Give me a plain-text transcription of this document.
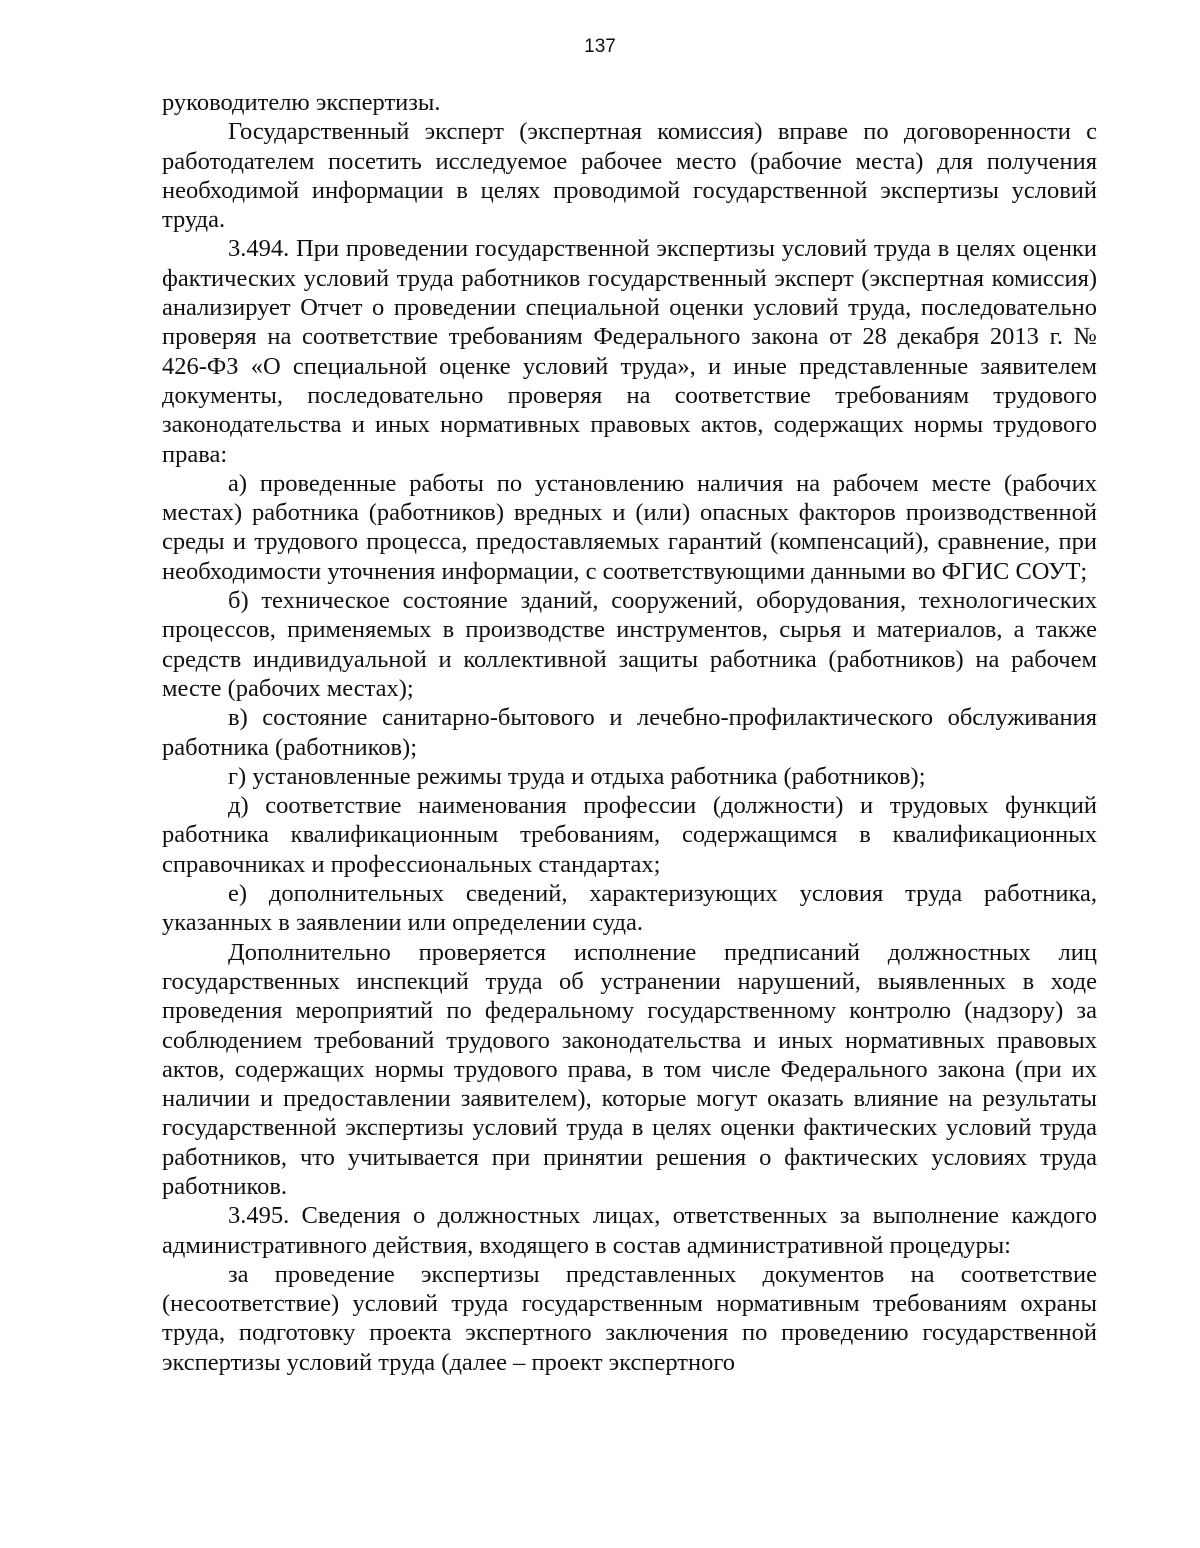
137

руководителю экспертизы.

Государственный эксперт (экспертная комиссия) вправе по договоренности с работодателем посетить исследуемое рабочее место (рабочие места) для получения необходимой информации в целях проводимой государственной экспертизы условий труда.

3.494. При проведении государственной экспертизы условий труда в целях оценки фактических условий труда работников государственный эксперт (экспертная комиссия) анализирует Отчет о проведении специальной оценки условий труда, последовательно проверяя на соответствие требованиям Федерального закона от 28 декабря 2013 г. № 426-ФЗ «О специальной оценке условий труда», и иные представленные заявителем документы, последовательно проверяя на соответствие требованиям трудового законодательства и иных нормативных правовых актов, содержащих нормы трудового права:

а) проведенные работы по установлению наличия на рабочем месте (рабочих местах) работника (работников) вредных и (или) опасных факторов производственной среды и трудового процесса, предоставляемых гарантий (компенсаций), сравнение, при необходимости уточнения информации, с соответствующими данными во ФГИС СОУТ;

б) техническое состояние зданий, сооружений, оборудования, технологических процессов, применяемых в производстве инструментов, сырья и материалов, а также средств индивидуальной и коллективной защиты работника (работников) на рабочем месте (рабочих местах);

в) состояние санитарно-бытового и лечебно-профилактического обслуживания работника (работников);

г) установленные режимы труда и отдыха работника (работников);

д) соответствие наименования профессии (должности) и трудовых функций работника квалификационным требованиям, содержащимся в квалификационных справочниках и профессиональных стандартах;

е) дополнительных сведений, характеризующих условия труда работника, указанных в заявлении или определении суда.

Дополнительно проверяется исполнение предписаний должностных лиц государственных инспекций труда об устранении нарушений, выявленных в ходе проведения мероприятий по федеральному государственному контролю (надзору) за соблюдением требований трудового законодательства и иных нормативных правовых актов, содержащих нормы трудового права, в том числе Федерального закона (при их наличии и предоставлении заявителем), которые могут оказать влияние на результаты государственной экспертизы условий труда в целях оценки фактических условий труда работников, что учитывается при принятии решения о фактических условиях труда работников.

3.495. Сведения о должностных лицах, ответственных за выполнение каждого административного действия, входящего в состав административной процедуры:

за проведение экспертизы представленных документов на соответствие (несоответствие) условий труда государственным нормативным требованиям охраны труда, подготовку проекта экспертного заключения по проведению государственной экспертизы условий труда (далее – проект экспертного
